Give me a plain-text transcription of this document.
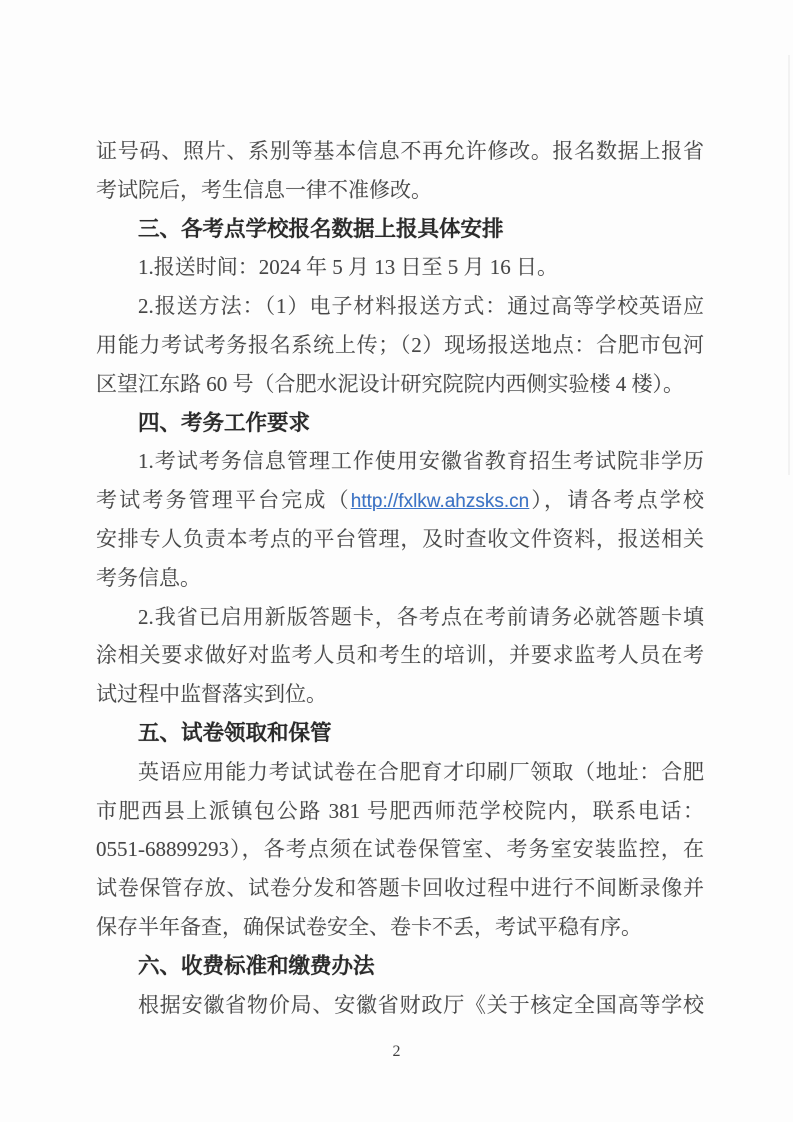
证号码、照片、系别等基本信息不再允许修改。报名数据上报省
考试院后，考生信息一律不准修改。
三、各考点学校报名数据上报具体安排
1.报送时间：2024 年 5 月 13 日至 5 月 16 日。
2.报送方法：（1）电子材料报送方式：通过高等学校英语应
用能力考试考务报名系统上传；（2）现场报送地点：合肥市包河
区望江东路 60 号（合肥水泥设计研究院院内西侧实验楼 4 楼）。
四、考务工作要求
1.考试考务信息管理工作使用安徽省教育招生考试院非学历
考试考务管理平台完成（http://fxlkw.ahzsks.cn），请各考点学校
安排专人负责本考点的平台管理，及时查收文件资料，报送相关
考务信息。
2.我省已启用新版答题卡，各考点在考前请务必就答题卡填
涂相关要求做好对监考人员和考生的培训，并要求监考人员在考
试过程中监督落实到位。
五、试卷领取和保管
英语应用能力考试试卷在合肥育才印刷厂领取（地址：合肥
市肥西县上派镇包公路 381 号肥西师范学校院内，联系电话：
0551-68899293），各考点须在试卷保管室、考务室安装监控，在
试卷保管存放、试卷分发和答题卡回收过程中进行不间断录像并
保存半年备查，确保试卷安全、卷卡不丢，考试平稳有序。
六、收费标准和缴费办法
根据安徽省物价局、安徽省财政厅《关于核定全国高等学校
2
